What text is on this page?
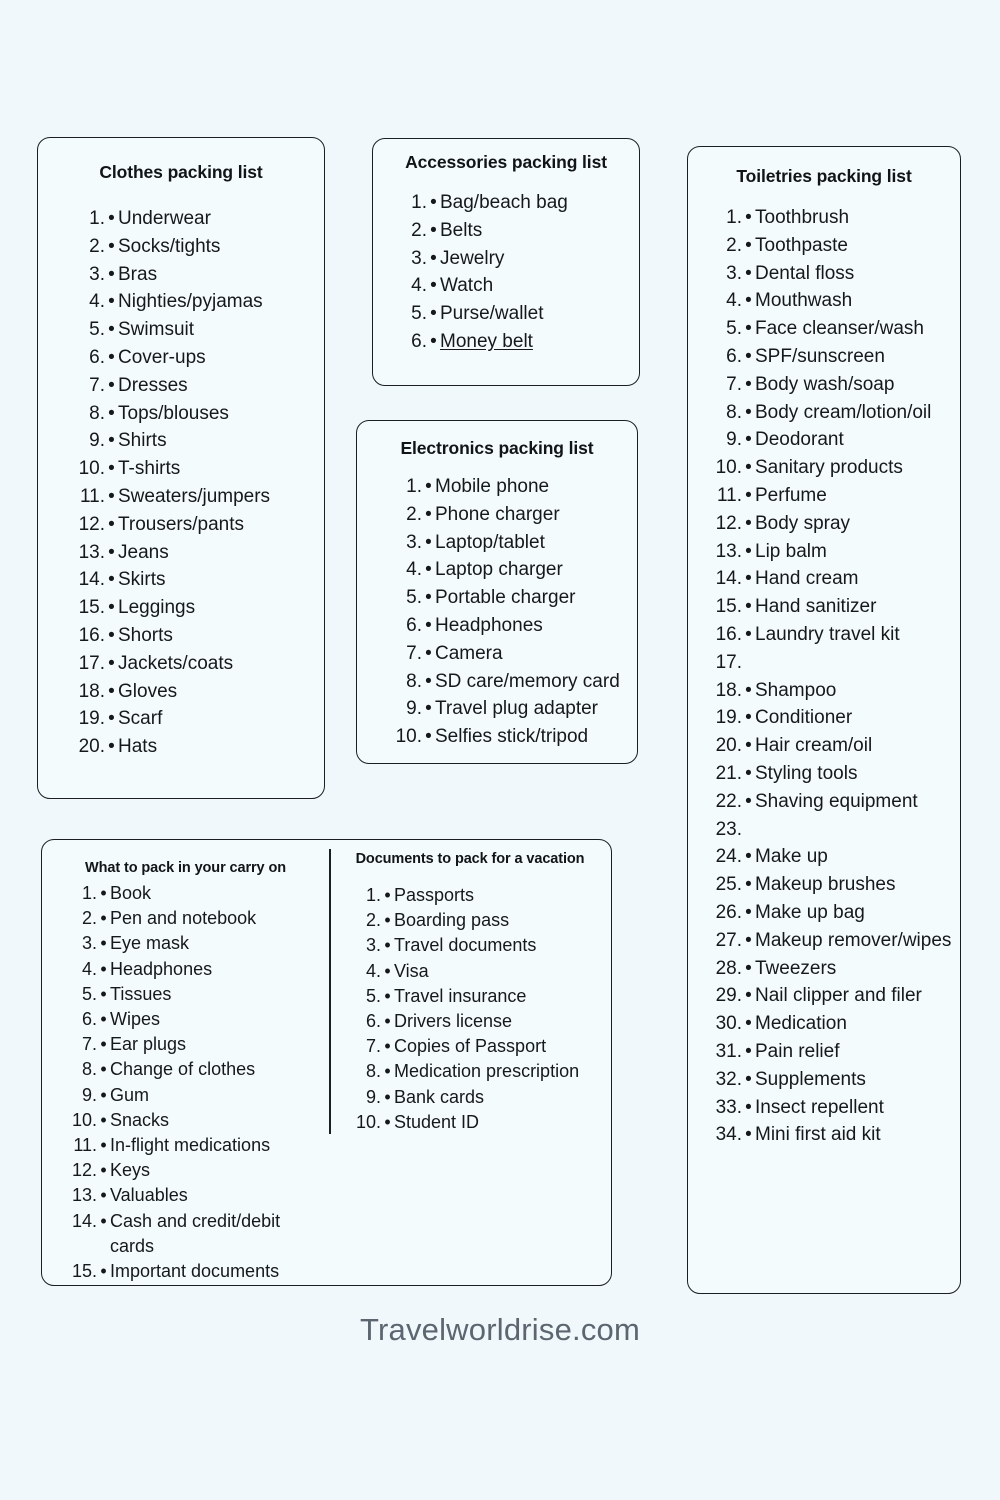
Clothes packing list
1. • Underwear
2. • Socks/tights
3. • Bras
4. • Nighties/pyjamas
5. • Swimsuit
6. • Cover-ups
7. • Dresses
8. • Tops/blouses
9. • Shirts
10. • T-shirts
11. • Sweaters/jumpers
12. • Trousers/pants
13. • Jeans
14. • Skirts
15. • Leggings
16. • Shorts
17. • Jackets/coats
18. • Gloves
19. • Scarf
20. • Hats
Accessories packing list
1. • Bag/beach bag
2. • Belts
3. • Jewelry
4. • Watch
5. • Purse/wallet
6. • Money belt
Electronics packing list
1. • Mobile phone
2. • Phone charger
3. • Laptop/tablet
4. • Laptop charger
5. • Portable charger
6. • Headphones
7. • Camera
8. • SD care/memory card
9. • Travel plug adapter
10. • Selfies stick/tripod
Toiletries packing list
1. • Toothbrush
2. • Toothpaste
3. • Dental floss
4. • Mouthwash
5. • Face cleanser/wash
6. • SPF/sunscreen
7. • Body wash/soap
8. • Body cream/lotion/oil
9. • Deodorant
10. • Sanitary products
11. • Perfume
12. • Body spray
13. • Lip balm
14. • Hand cream
15. • Hand sanitizer
16. • Laundry travel kit
17.
18. • Shampoo
19. • Conditioner
20. • Hair cream/oil
21. • Styling tools
22. • Shaving equipment
23.
24. • Make up
25. • Makeup brushes
26. • Make up bag
27. • Makeup remover/wipes
28. • Tweezers
29. • Nail clipper and filer
30. • Medication
31. • Pain relief
32. • Supplements
33. • Insect repellent
34. • Mini first aid kit
What to pack in your carry on
1. • Book
2. • Pen and notebook
3. • Eye mask
4. • Headphones
5. • Tissues
6. • Wipes
7. • Ear plugs
8. • Change of clothes
9. • Gum
10. • Snacks
11. • In-flight medications
12. • Keys
13. • Valuables
14. • Cash and credit/debit cards
15. • Important documents
Documents to pack for a vacation
1. • Passports
2. • Boarding pass
3. • Travel documents
4. • Visa
5. • Travel insurance
6. • Drivers license
7. • Copies of Passport
8. • Medication prescription
9. • Bank cards
10. • Student ID
Travelworldrise.com
